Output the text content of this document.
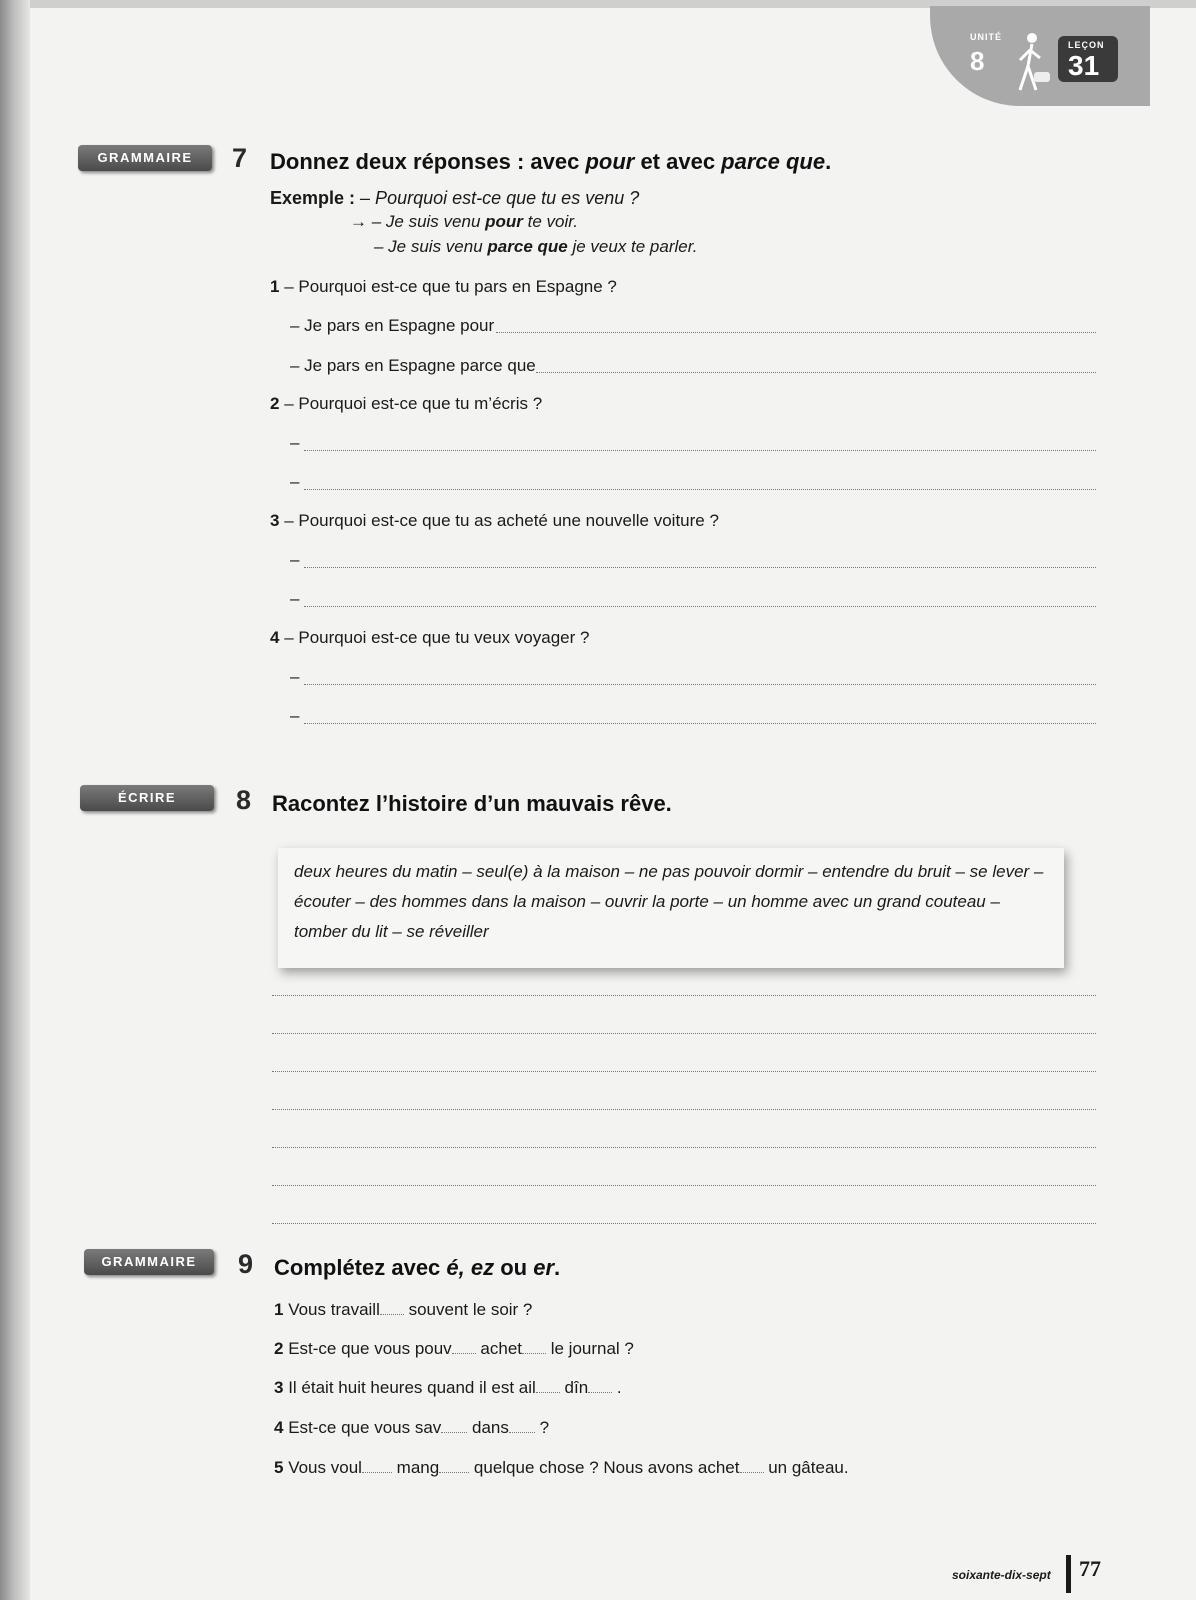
UNITÉ
8
LEÇON
31
GRAMMAIRE	7 Donnez deux réponses : avec pour et avec parce que.
Exemple : – Pourquoi est-ce que tu es venu ?
→ – Je suis venu pour te voir.
– Je suis venu parce que je veux te parler.
1 – Pourquoi est-ce que tu pars en Espagne ?
– Je pars en Espagne pour
– Je pars en Espagne parce que
2 – Pourquoi est-ce que tu m’écris ?
–
–
3 – Pourquoi est-ce que tu as acheté une nouvelle voiture ?
–
–
4 – Pourquoi est-ce que tu veux voyager ?
–
–
ÉCRIRE	8 Racontez l’histoire d’un mauvais rêve.
deux heures du matin – seul(e) à la maison – ne pas pouvoir dormir – entendre du bruit – se lever –
écouter – des hommes dans la maison – ouvrir la porte – un homme avec un grand couteau –
tomber du lit – se réveiller
GRAMMAIRE	9 Complétez avec é, ez ou er.
1 Vous travaill souvent le soir ?
2 Est-ce que vous pouv achet le journal ?
3 Il était huit heures quand il est ail dîn .
4 Est-ce que vous sav dans ?
5 Vous voul mang quelque chose ? Nous avons achet un gâteau.
soixante-dix-sept 77
